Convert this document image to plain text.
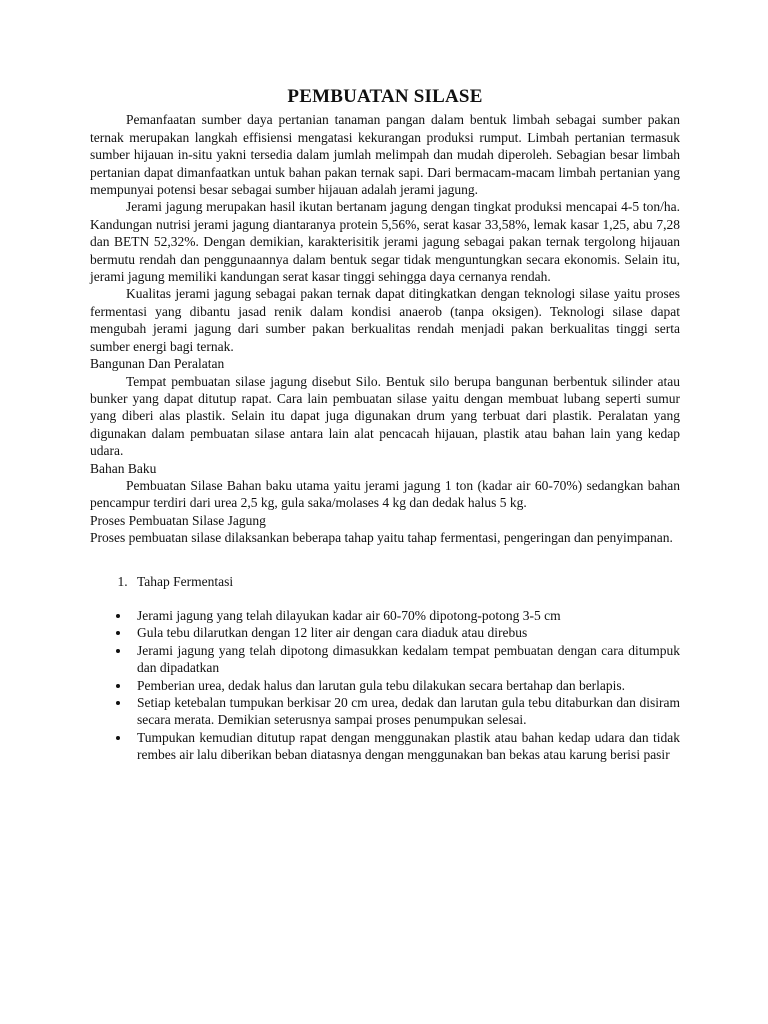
PEMBUATAN SILASE

Pemanfaatan sumber daya pertanian tanaman pangan dalam bentuk limbah sebagai sumber pakan ternak merupakan langkah effisiensi mengatasi kekurangan produksi rumput. Limbah pertanian termasuk sumber hijauan in-situ yakni tersedia dalam jumlah melimpah dan mudah diperoleh. Sebagian besar limbah pertanian dapat dimanfaatkan untuk bahan pakan ternak sapi. Dari bermacam-macam limbah pertanian yang mempunyai potensi besar sebagai sumber hijauan adalah jerami jagung.

Jerami jagung merupakan hasil ikutan bertanam jagung dengan tingkat produksi mencapai 4-5 ton/ha. Kandungan nutrisi jerami jagung diantaranya protein 5,56%, serat kasar 33,58%, lemak kasar 1,25, abu 7,28 dan BETN 52,32%. Dengan demikian, karakterisitik jerami jagung sebagai pakan ternak tergolong hijauan bermutu rendah dan penggunaannya dalam bentuk segar tidak menguntungkan secara ekonomis. Selain itu, jerami jagung memiliki kandungan serat kasar tinggi sehingga daya cernanya rendah.

Kualitas jerami jagung sebagai pakan ternak dapat ditingkatkan dengan teknologi silase yaitu proses fermentasi yang dibantu jasad renik dalam kondisi anaerob (tanpa oksigen). Teknologi silase dapat mengubah jerami jagung dari sumber pakan berkualitas rendah menjadi pakan berkualitas tinggi serta sumber energi bagi ternak.

Bangunan Dan Peralatan

Tempat pembuatan silase jagung disebut Silo. Bentuk silo berupa bangunan berbentuk silinder atau bunker yang dapat ditutup rapat. Cara lain pembuatan silase yaitu dengan membuat lubang seperti sumur yang diberi alas plastik. Selain itu dapat juga digunakan drum yang terbuat dari plastik. Peralatan yang digunakan dalam pembuatan silase antara lain alat pencacah hijauan, plastik atau bahan lain yang kedap udara.

Bahan Baku

Pembuatan Silase Bahan baku utama yaitu jerami jagung 1 ton (kadar air 60-70%) sedangkan bahan pencampur terdiri dari urea 2,5 kg, gula saka/molases 4 kg dan dedak halus 5 kg.

Proses Pembuatan Silase Jagung

Proses pembuatan silase dilaksankan beberapa tahap yaitu tahap fermentasi, pengeringan dan penyimpanan.

1. Tahap Fermentasi
• Jerami jagung yang telah dilayukan kadar air 60-70% dipotong-potong 3-5 cm
• Gula tebu dilarutkan dengan 12 liter air dengan cara diaduk atau direbus
• Jerami jagung yang telah dipotong dimasukkan kedalam tempat pembuatan dengan cara ditumpuk dan dipadatkan
• Pemberian urea, dedak halus dan larutan gula tebu dilakukan secara bertahap dan berlapis.
• Setiap ketebalan tumpukan berkisar 20 cm urea, dedak dan larutan gula tebu ditaburkan dan disiram secara merata. Demikian seterusnya sampai proses penumpukan selesai.
• Tumpukan kemudian ditutup rapat dengan menggunakan plastik atau bahan kedap udara dan tidak rembes air lalu diberikan beban diatasnya dengan menggunakan ban bekas atau karung berisi pasir
